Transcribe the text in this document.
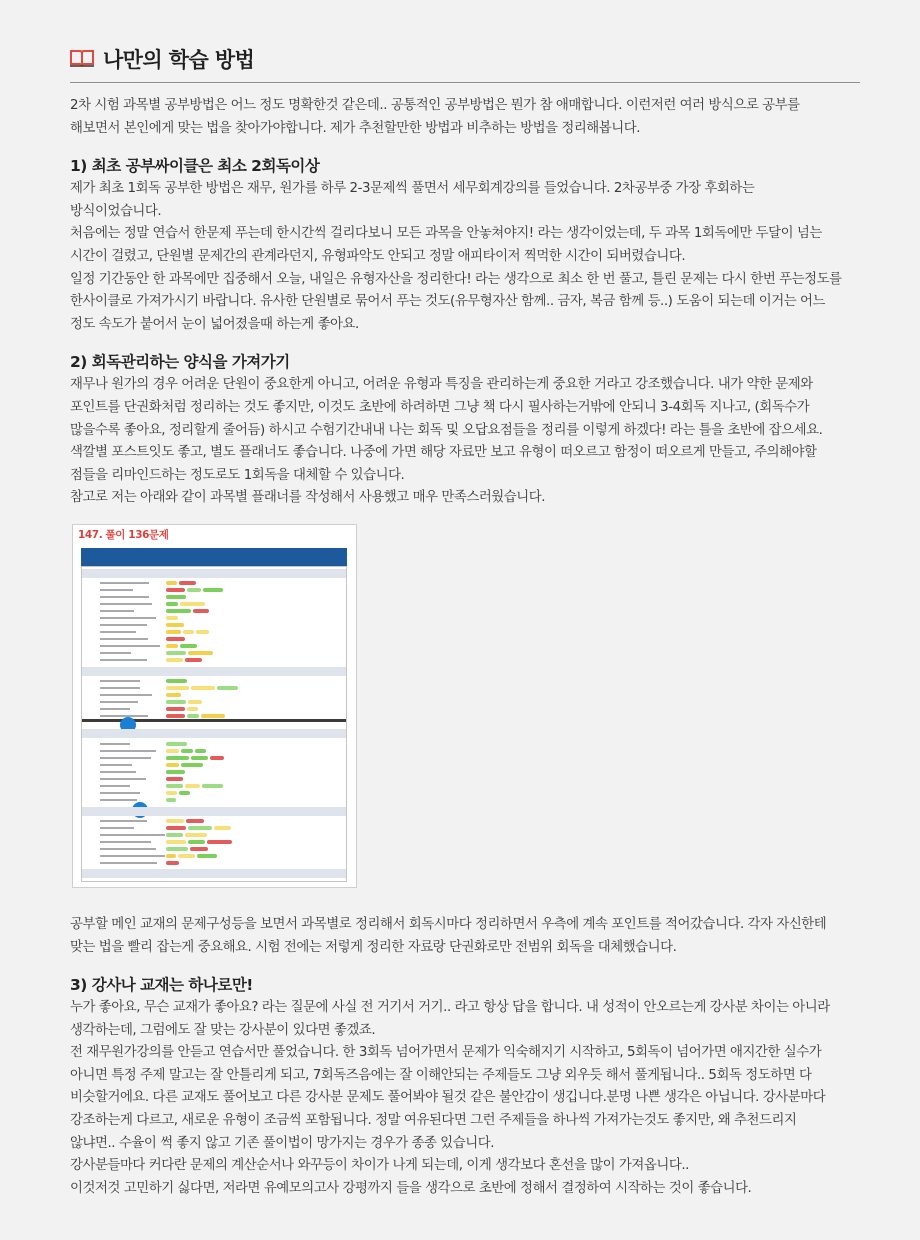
나만의 학습 방법

2차 시험 과목별 공부방법은 어느 정도 명확한것 같은데.. 공통적인 공부방법은 뭔가 참 애매합니다. 이런저런 여러 방식으로 공부를

해보면서 본인에게 맞는 법을 찾아가야합니다. 제가 추천할만한 방법과 비추하는 방법을 정리해봅니다.

1) 최초 공부싸이클은 최소 2회독이상

제가 최초 1회독 공부한 방법은 재무, 원가를 하루 2-3문제씩 풀면서 세무회계강의를 들었습니다. 2차공부중 가장 후회하는

방식이었습니다.

처음에는 정말 연습서 한문제 푸는데 한시간씩 걸리다보니 모든 과목을 안놓쳐야지! 라는 생각이었는데, 두 과목 1회독에만 두달이 넘는

시간이 걸렸고, 단원별 문제간의 관계라던지, 유형파악도 안되고 정말 애피타이저 찍먹한 시간이 되버렸습니다.

일정 기간동안 한 과목에만 집중해서 오늘, 내일은 유형자산을 정리한다! 라는 생각으로 최소 한 번 풀고, 틀린 문제는 다시 한번 푸는정도를

한사이클로 가져가시기 바랍니다. 유사한 단원별로 묶어서 푸는 것도(유무형자산 함께.. 금자, 복금 함께 등..) 도움이 되는데 이거는 어느

정도 속도가 붙어서 눈이 넓어졌을때 하는게 좋아요.

2) 회독관리하는 양식을 가져가기

재무나 원가의 경우 어려운 단원이 중요한게 아니고, 어려운 유형과 특징을 관리하는게 중요한 거라고 강조했습니다. 내가 약한 문제와

포인트를 단권화처럼 정리하는 것도 좋지만, 이것도 초반에 하려하면 그냥 책 다시 필사하는거밖에 안되니 3-4회독 지나고, (회독수가

많을수록 좋아요, 정리할게 줄어듬) 하시고 수험기간내내 나는 회독 및 오답요점들을 정리를 이렇게 하겠다! 라는 틀을 초반에 잡으세요.

색깔별 포스트잇도 좋고, 별도 플래너도 좋습니다. 나중에 가면 해당 자료만 보고 유형이 떠오르고 함정이 떠오르게 만들고, 주의해야할

점들을 리마인드하는 정도로도 1회독을 대체할 수 있습니다.

참고로 저는 아래와 같이 과목별 플래너를 작성해서 사용했고 매우 만족스러웠습니다.

147. 풀이 136문제

공부할 메인 교재의 문제구성등을 보면서 과목별로 정리해서 회독시마다 정리하면서 우측에 계속 포인트를 적어갔습니다. 각자 자신한테

맞는 법을 빨리 잡는게 중요해요. 시험 전에는 저렇게 정리한 자료랑 단권화로만 전범위 회독을 대체했습니다.

3) 강사나 교재는 하나로만!

누가 좋아요, 무슨 교재가 좋아요? 라는 질문에 사실 전 거기서 거기.. 라고 항상 답을 합니다. 내 성적이 안오르는게 강사분 차이는 아니라

생각하는데, 그럼에도 잘 맞는 강사분이 있다면 좋겠죠.

전 재무원가강의를 안듣고 연습서만 풀었습니다. 한 3회독 넘어가면서 문제가 익숙해지기 시작하고, 5회독이 넘어가면 애지간한 실수가

아니면 특정 주제 말고는 잘 안틀리게 되고, 7회독즈음에는 잘 이해안되는 주제들도 그냥 외우듯 해서 풀게됩니다.. 5회독 정도하면 다

비슷할거에요. 다른 교재도 풀어보고 다른 강사분 문제도 풀어봐야 될것 같은 불안감이 생깁니다.분명 나쁜 생각은 아닙니다. 강사분마다

강조하는게 다르고, 새로운 유형이 조금씩 포함됩니다. 정말 여유된다면 그런 주제들을 하나씩 가져가는것도 좋지만, 왜 추천드리지

않냐면.. 수율이 썩 좋지 않고 기존 풀이법이 망가지는 경우가 종종 있습니다.

강사분들마다 커다란 문제의 계산순서나 와꾸등이 차이가 나게 되는데, 이게 생각보다 혼선을 많이 가져옵니다..

이것저것 고민하기 싫다면, 저라면 유예모의고사 강평까지 들을 생각으로 초반에 정해서 결정하여 시작하는 것이 좋습니다.
